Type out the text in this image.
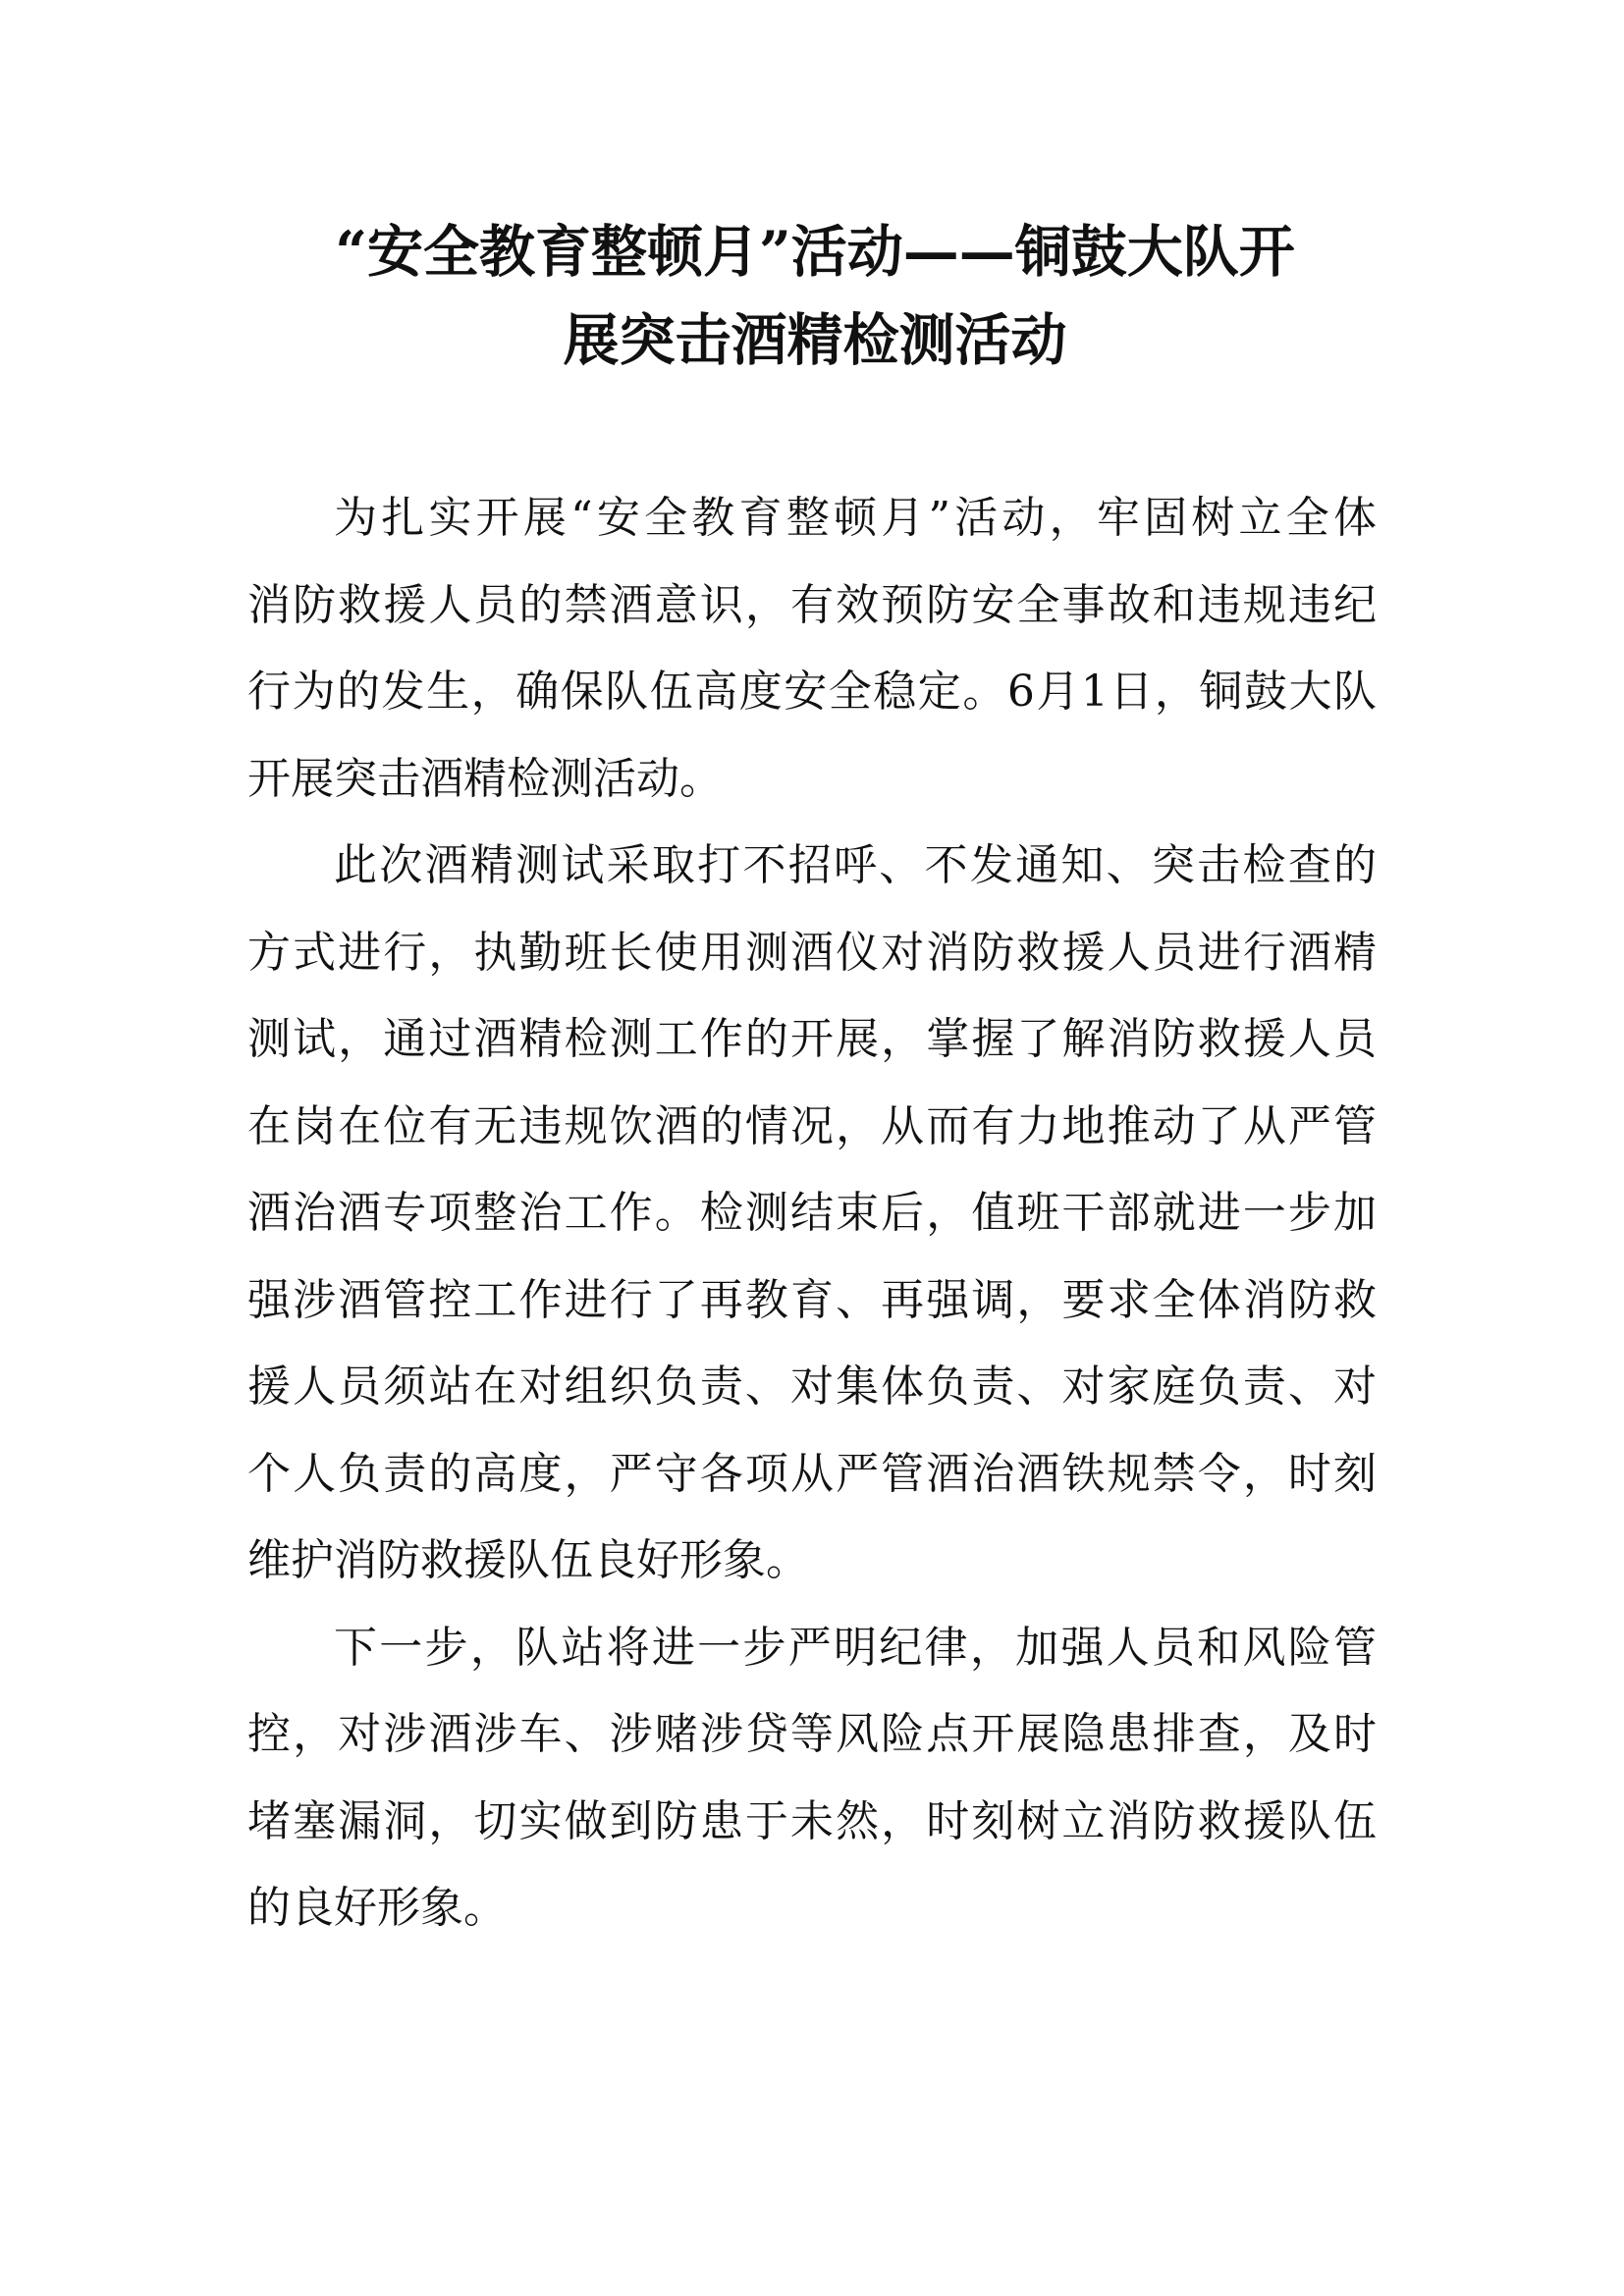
“安全教育整顿月”活动——铜鼓大队开
展突击酒精检测活动
为扎实开展“安全教育整顿月”活动，牢固树立全体
消防救援人员的禁酒意识，有效预防安全事故和违规违纪
行为的发生，确保队伍高度安全稳定。6月1日，铜鼓大队
开展突击酒精检测活动。
此次酒精测试采取打不招呼、不发通知、突击检查的
方式进行，执勤班长使用测酒仪对消防救援人员进行酒精
测试，通过酒精检测工作的开展，掌握了解消防救援人员
在岗在位有无违规饮酒的情况，从而有力地推动了从严管
酒治酒专项整治工作。检测结束后，值班干部就进一步加
强涉酒管控工作进行了再教育、再强调，要求全体消防救
援人员须站在对组织负责、对集体负责、对家庭负责、对
个人负责的高度，严守各项从严管酒治酒铁规禁令，时刻
维护消防救援队伍良好形象。
下一步，队站将进一步严明纪律，加强人员和风险管
控，对涉酒涉车、涉赌涉贷等风险点开展隐患排查，及时
堵塞漏洞，切实做到防患于未然，时刻树立消防救援队伍
的良好形象。
